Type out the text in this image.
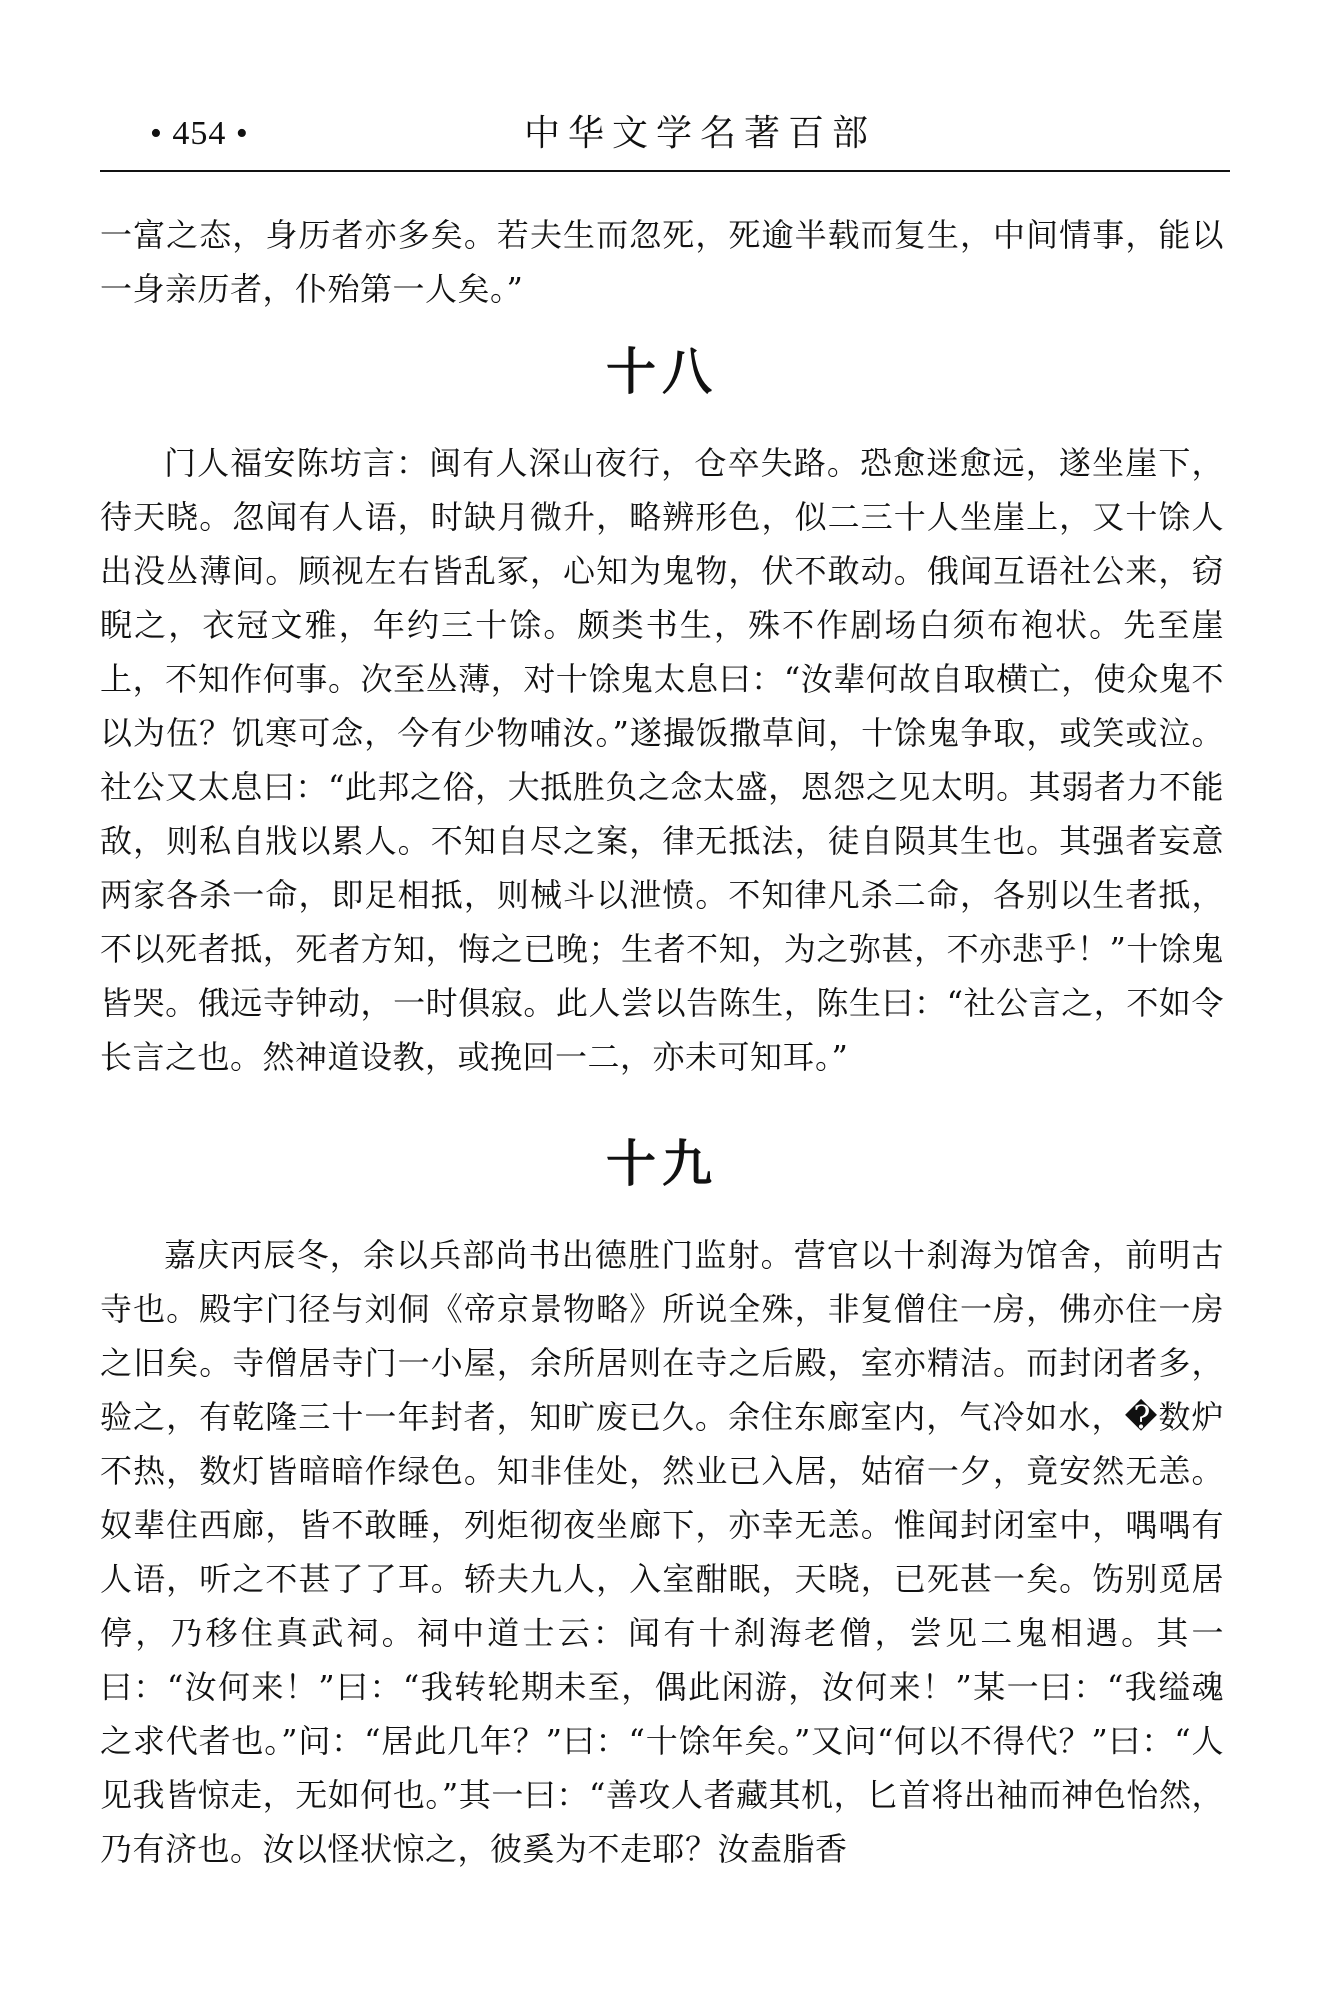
• 454 •	中华文学名著百部

一富之态，身历者亦多矣。若夫生而忽死，死逾半载而复生，中间情事，能以一身亲历者，仆殆第一人矣。”

十八

门人福安陈坊言：闽有人深山夜行，仓卒失路。恐愈迷愈远，遂坐崖下，待天晓。忽闻有人语，时缺月微升，略辨形色，似二三十人坐崖上，又十馀人出没丛薄间。顾视左右皆乱冢，心知为鬼物，伏不敢动。俄闻互语社公来，窃睨之，衣冠文雅，年约三十馀。颇类书生，殊不作剧场白须布袍状。先至崖上，不知作何事。次至丛薄，对十馀鬼太息曰：“汝辈何故自取横亡，使众鬼不以为伍？饥寒可念，今有少物哺汝。”遂撮饭撒草间，十馀鬼争取，或笑或泣。社公又太息曰：“此邦之俗，大抵胜负之念太盛，恩怨之见太明。其弱者力不能敌，则私自戕以累人。不知自尽之案，律无抵法，徒自陨其生也。其强者妄意两家各杀一命，即足相抵，则械斗以泄愤。不知律凡杀二命，各别以生者抵，不以死者抵，死者方知，悔之已晚；生者不知，为之弥甚，不亦悲乎！”十馀鬼皆哭。俄远寺钟动，一时俱寂。此人尝以告陈生，陈生曰：“社公言之，不如令长言之也。然神道设教，或挽回一二，亦未可知耳。”

十九

嘉庆丙辰冬，余以兵部尚书出德胜门监射。营官以十刹海为馆舍，前明古寺也。殿宇门径与刘侗《帝京景物略》所说全殊，非复僧住一房，佛亦住一房之旧矣。寺僧居寺门一小屋，余所居则在寺之后殿，室亦精洁。而封闭者多，验之，有乾隆三十一年封者，知旷废已久。余住东廊室内，气冷如水，�数炉不热，数灯皆暗暗作绿色。知非佳处，然业已入居，姑宿一夕，竟安然无恙。奴辈住西廊，皆不敢睡，列炬彻夜坐廊下，亦幸无恙。惟闻封闭室中，喁喁有人语，听之不甚了了耳。轿夫九人，入室酣眠，天晓，已死甚一矣。饬别觅居停，乃移住真武祠。祠中道士云：闻有十刹海老僧，尝见二鬼相遇。其一曰：“汝何来！”曰：“我转轮期未至，偶此闲游，汝何来！”某一曰：“我缢魂之求代者也。”问：“居此几年？”曰：“十馀年矣。”又问“何以不得代？”曰：“人见我皆惊走，无如何也。”其一曰：“善攻人者藏其机，匕首将出袖而神色怡然，乃有济也。汝以怪状惊之，彼奚为不走耶？汝盍脂香
